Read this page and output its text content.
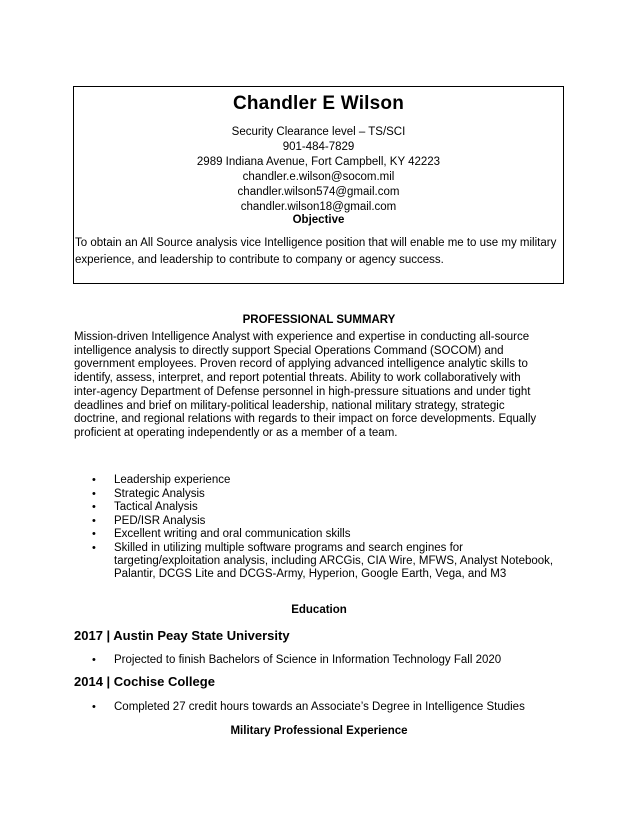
Chandler E Wilson
Security Clearance level – TS/SCI
901-484-7829
2989 Indiana Avenue, Fort Campbell, KY 42223
chandler.e.wilson@socom.mil
chandler.wilson574@gmail.com
chandler.wilson18@gmail.com
Objective
To obtain an All Source analysis vice Intelligence position that will enable me to use my military experience, and leadership to contribute to company or agency success.
PROFESSIONAL SUMMARY
Mission-driven Intelligence Analyst with experience and expertise in conducting all-source intelligence analysis to directly support Special Operations Command (SOCOM) and government employees. Proven record of applying advanced intelligence analytic skills to identify, assess, interpret, and report potential threats. Ability to work collaboratively with inter-agency Department of Defense personnel in high-pressure situations and under tight deadlines and brief on military-political leadership, national military strategy, strategic doctrine, and regional relations with regards to their impact on force developments. Equally proficient at operating independently or as a member of a team.
• Leadership experience
• Strategic Analysis
• Tactical Analysis
• PED/ISR Analysis
• Excellent writing and oral communication skills
• Skilled in utilizing multiple software programs and search engines for targeting/exploitation analysis, including ARCGis, CIA Wire, MFWS, Analyst Notebook, Palantir, DCGS Lite and DCGS-Army, Hyperion, Google Earth, Vega, and M3
Education
2017 | Austin Peay State University
• Projected to finish Bachelors of Science in Information Technology Fall 2020
2014 | Cochise College
• Completed 27 credit hours towards an Associate’s Degree in Intelligence Studies
Military Professional Experience
